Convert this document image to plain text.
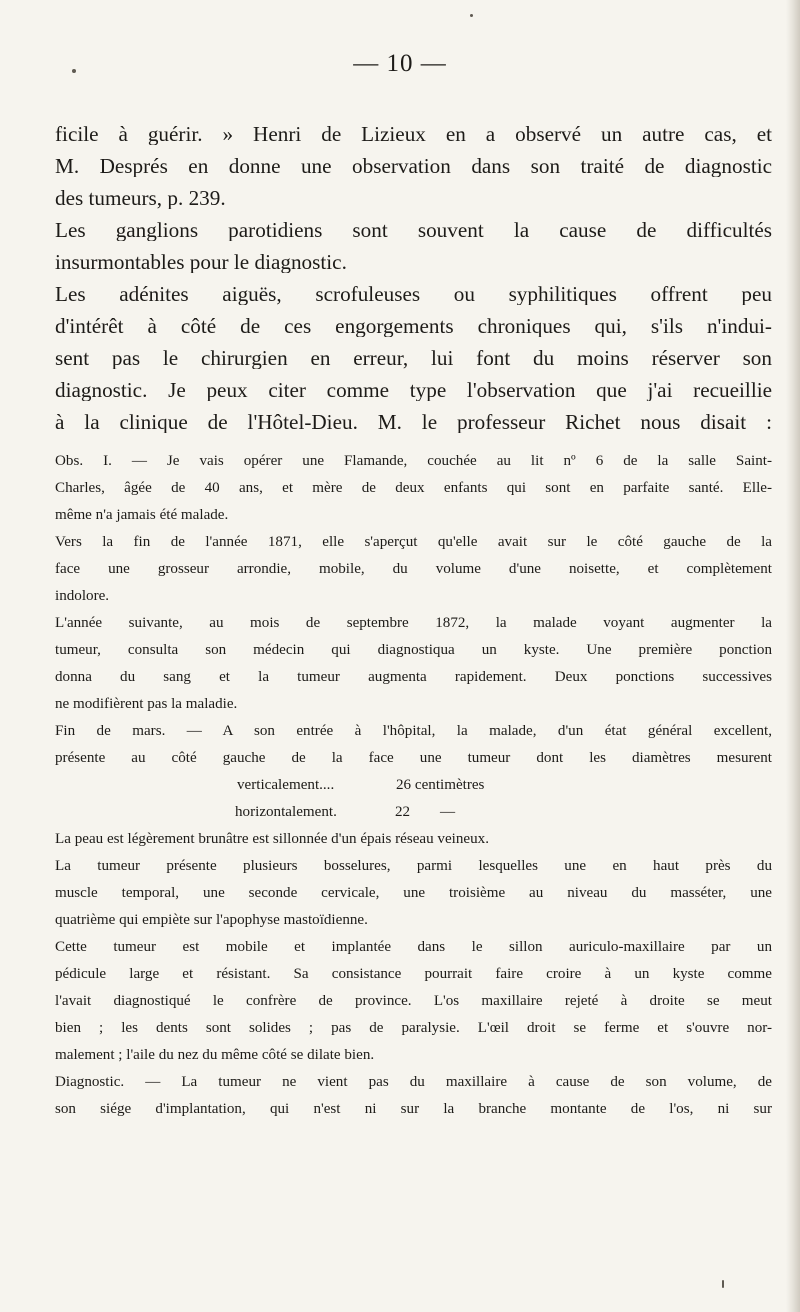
— 10 —
ficile à guérir. » Henri de Lizieux en a observé un autre cas, et
M. Després en donne une observation dans son traité de diagnostic
des tumeurs, p. 239.
Les ganglions parotidiens sont souvent la cause de difficultés
insurmontables pour le diagnostic.
Les adénites aiguës, scrofuleuses ou syphilitiques offrent peu
d'intérêt à côté de ces engorgements chroniques qui, s'ils n'indui-
sent pas le chirurgien en erreur, lui font du moins réserver son
diagnostic. Je peux citer comme type l'observation que j'ai recueillie
à la clinique de l'Hôtel-Dieu. M. le professeur Richet nous disait :
Obs. I. — Je vais opérer une Flamande, couchée au lit nº 6 de la salle Saint-
Charles, âgée de 40 ans, et mère de deux enfants qui sont en parfaite santé. Elle-
même n'a jamais été malade.
Vers la fin de l'année 1871, elle s'aperçut qu'elle avait sur le côté gauche de la
face une grosseur arrondie, mobile, du volume d'une noisette, et complètement
indolore.
L'année suivante, au mois de septembre 1872, la malade voyant augmenter la
tumeur, consulta son médecin qui diagnostiqua un kyste. Une première ponction
donna du sang et la tumeur augmenta rapidement. Deux ponctions successives
ne modifièrent pas la maladie.
Fin de mars. — A son entrée à l'hôpital, la malade, d'un état général excellent,
présente au côté gauche de la face une tumeur dont les diamètres mesurent
verticalement....	26 centimètres
horizontalement.	22 —
La peau est légèrement brunâtre est sillonnée d'un épais réseau veineux.
La tumeur présente plusieurs bosselures, parmi lesquelles une en haut près du
muscle temporal, une seconde cervicale, une troisième au niveau du masséter, une
quatrième qui empiète sur l'apophyse mastoïdienne.
Cette tumeur est mobile et implantée dans le sillon auriculo-maxillaire par un
pédicule large et résistant. Sa consistance pourrait faire croire à un kyste comme
l'avait diagnostiqué le confrère de province. L'os maxillaire rejeté à droite se meut
bien ; les dents sont solides ; pas de paralysie. L'œil droit se ferme et s'ouvre nor-
malement ; l'aile du nez du même côté se dilate bien.
Diagnostic. — La tumeur ne vient pas du maxillaire à cause de son volume, de
son siége d'implantation, qui n'est ni sur la branche montante de l'os, ni sur
